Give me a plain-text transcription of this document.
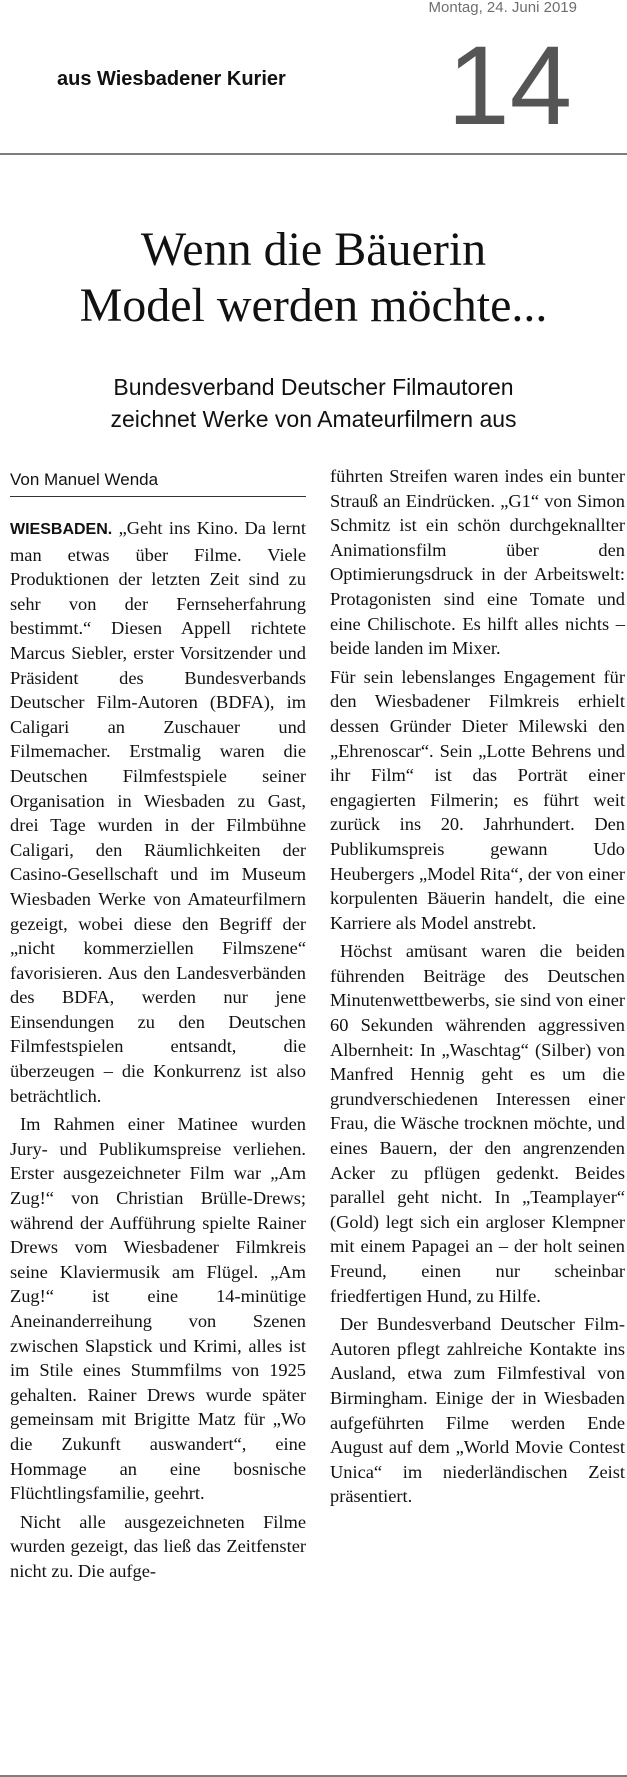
Montag, 24. Juni 2019
aus Wiesbadener Kurier 14
Wenn die Bäuerin
Model werden möchte...
Bundesverband Deutscher Filmautoren
zeichnet Werke von Amateurfilmern aus
Von Manuel Wenda

WIESBADEN. „Geht ins Kino. Da lernt man etwas über Filme. Viele Produktionen der letzten Zeit sind zu sehr von der Fernseherfahrung bestimmt.“ Diesen Appell richtete Marcus Siebler, erster Vorsitzender und Präsident des Bundesverbands Deutscher Film-Autoren (BDFA), im Caligari an Zuschauer und Filmemacher. Erstmalig waren die Deutschen Filmfestspiele seiner Organisation in Wiesbaden zu Gast, drei Tage wurden in der Filmbühne Caligari, den Räumlichkeiten der Casino-Gesellschaft und im Museum Wiesbaden Werke von Amateurfilmern gezeigt, wobei diese den Begriff der „nicht kommerziellen Filmszene“ favorisieren. Aus den Landesverbänden des BDFA, werden nur jene Einsendungen zu den Deutschen Filmfestspielen entsandt, die überzeugen – die Konkurrenz ist also beträchtlich.

Im Rahmen einer Matinee wurden Jury- und Publikumspreise verliehen. Erster ausgezeichneter Film war „Am Zug!“ von Christian Brülle-Drews; während der Aufführung spielte Rainer Drews vom Wiesbadener Filmkreis seine Klaviermusik am Flügel. „Am Zug!“ ist eine 14-minütige Aneinanderreihung von Szenen zwischen Slapstick und Krimi, alles ist im Stile eines Stummfilms von 1925 gehalten. Rainer Drews wurde später gemeinsam mit Brigitte Matz für „Wo die Zukunft auswandert“, eine Hommage an eine bosnische Flüchtlingsfamilie, geehrt.

Nicht alle ausgezeichneten Filme wurden gezeigt, das ließ das Zeitfenster nicht zu. Die aufge-

führten Streifen waren indes ein bunter Strauß an Eindrücken. „G1“ von Simon Schmitz ist ein schön durchgeknallter Animationsfilm über den Optimierungsdruck in der Arbeitswelt: Protagonisten sind eine Tomate und eine Chilischote. Es hilft alles nichts – beide landen im Mixer.

Für sein lebenslanges Engagement für den Wiesbadener Filmkreis erhielt dessen Gründer Dieter Milewski den „Ehrenoscar“. Sein „Lotte Behrens und ihr Film“ ist das Porträt einer engagierten Filmerin; es führt weit zurück ins 20. Jahrhundert. Den Publikumspreis gewann Udo Heubergers „Model Rita“, der von einer korpulenten Bäuerin handelt, die eine Karriere als Model anstrebt.

Höchst amüsant waren die beiden führenden Beiträge des Deutschen Minutenwettbewerbs, sie sind von einer 60 Sekunden währenden aggressiven Albernheit: In „Waschtag“ (Silber) von Manfred Hennig geht es um die grundverschiedenen Interessen einer Frau, die Wäsche trocknen möchte, und eines Bauern, der den angrenzenden Acker zu pflügen gedenkt. Beides parallel geht nicht. In „Teamplayer“ (Gold) legt sich ein argloser Klempner mit einem Papagei an – der holt seinen Freund, einen nur scheinbar friedfertigen Hund, zu Hilfe.

Der Bundesverband Deutscher Film-Autoren pflegt zahlreiche Kontakte ins Ausland, etwa zum Filmfestival von Birmingham. Einige der in Wiesbaden aufgeführten Filme werden Ende August auf dem „World Movie Contest Unica“ im niederländischen Zeist präsentiert.
